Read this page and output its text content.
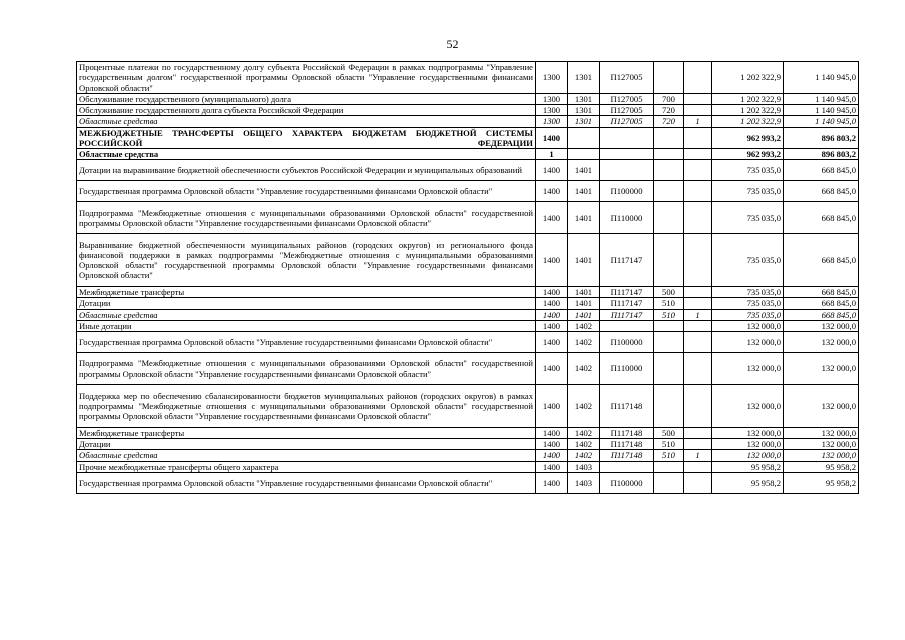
52
Процентные платежи по государственному долгу субъекта Российской Федерации в рамках подпрограммы "Управление государственным долгом" государственной программы Орловской области "Управление государственными финансами Орловской области"	1300	1301	П127005			1 202 322,9	1 140 945,0
Обслуживание государственного (муниципального) долга	1300	1301	П127005	700		1 202 322,9	1 140 945,0
Обслуживание государственного долга субъекта Российской Федерации	1300	1301	П127005	720		1 202 322,9	1 140 945,0
Областные средства	1300	1301	П127005	720	1	1 202 322,9	1 140 945,0
МЕЖБЮДЖЕТНЫЕ ТРАНСФЕРТЫ ОБЩЕГО ХАРАКТЕРА БЮДЖЕТАМ БЮДЖЕТНОЙ СИСТЕМЫ РОССИЙСКОЙ ФЕДЕРАЦИИ	1400					962 993,2	896 803,2
Областные средства	1					962 993,2	896 803,2
Дотации на выравнивание бюджетной обеспеченности субъектов Российской Федерации и муниципальных образований	1400	1401				735 035,0	668 845,0
Государственная программа Орловской области "Управление государственными финансами Орловской области"	1400	1401	П100000			735 035,0	668 845,0
Подпрограмма "Межбюджетные отношения с муниципальными образованиями Орловской области" государственной программы Орловской области "Управление государственными финансами Орловской области"	1400	1401	П110000			735 035,0	668 845,0
Выравнивание бюджетной обеспеченности муниципальных районов (городских округов) из регионального фонда финансовой поддержки в рамках подпрограммы "Межбюджетные отношения с муниципальными образованиями Орловской области" государственной программы Орловской области "Управление государственными финансами Орловской области"	1400	1401	П117147			735 035,0	668 845,0
Межбюджетные трансферты	1400	1401	П117147	500		735 035,0	668 845,0
Дотации	1400	1401	П117147	510		735 035,0	668 845,0
Областные средства	1400	1401	П117147	510	1	735 035,0	668 845,0
Иные дотации	1400	1402				132 000,0	132 000,0
Государственная программа Орловской области "Управление государственными финансами Орловской области"	1400	1402	П100000			132 000,0	132 000,0
Подпрограмма "Межбюджетные отношения с муниципальными образованиями Орловской области" государственной программы Орловской области "Управление государственными финансами Орловской области"	1400	1402	П110000			132 000,0	132 000,0
Поддержка мер по обеспечению сбалансированности бюджетов муниципальных районов (городских округов) в рамках подпрограммы "Межбюджетные отношения с муниципальными образованиями Орловской области" государственной программы Орловской области "Управление государственными финансами Орловской области"	1400	1402	П117148			132 000,0	132 000,0
Межбюджетные трансферты	1400	1402	П117148	500		132 000,0	132 000,0
Дотации	1400	1402	П117148	510		132 000,0	132 000,0
Областные средства	1400	1402	П117148	510	1	132 000,0	132 000,0
Прочие межбюджетные трансферты общего характера	1400	1403				95 958,2	95 958,2
Государственная программа Орловской области "Управление государственными финансами Орловской области"	1400	1403	П100000			95 958,2	95 958,2
